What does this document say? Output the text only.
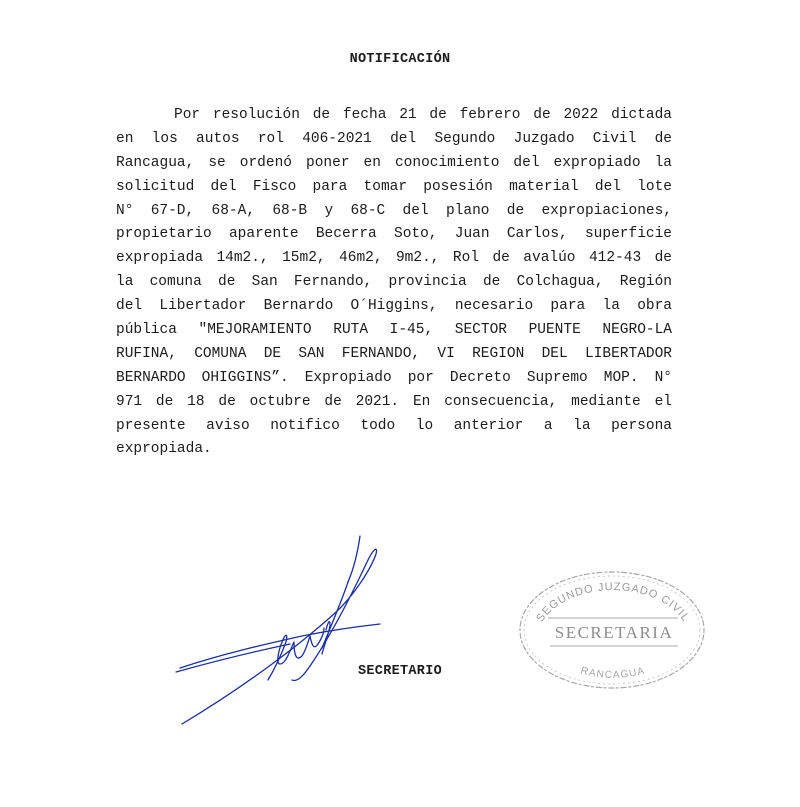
NOTIFICACIÓN
Por resolución de fecha 21 de febrero de 2022 dictada
en los autos rol 406-2021 del Segundo Juzgado Civil de
Rancagua, se ordenó poner en conocimiento del expropiado la
solicitud del Fisco para tomar posesión material del lote
N° 67-D, 68-A, 68-B y 68-C del plano de expropiaciones,
propietario aparente Becerra Soto, Juan Carlos, superficie
expropiada 14m2., 15m2, 46m2, 9m2., Rol de avalúo 412-43 de
la comuna de San Fernando, provincia de Colchagua, Región
del Libertador Bernardo O´Higgins, necesario para la obra
pública "MEJORAMIENTO RUTA I-45, SECTOR PUENTE NEGRO-LA
RUFINA, COMUNA DE SAN FERNANDO, VI REGION DEL LIBERTADOR
BERNARDO OHIGGINS”. Expropiado por Decreto Supremo MOP. N°
971 de 18 de octubre de 2021. En consecuencia, mediante el
presente aviso notifico todo lo anterior a la persona
expropiada.
SECRETARIO
SEGUNDO JUZGADO CIVIL
SECRETARIA
RANCAGUA
